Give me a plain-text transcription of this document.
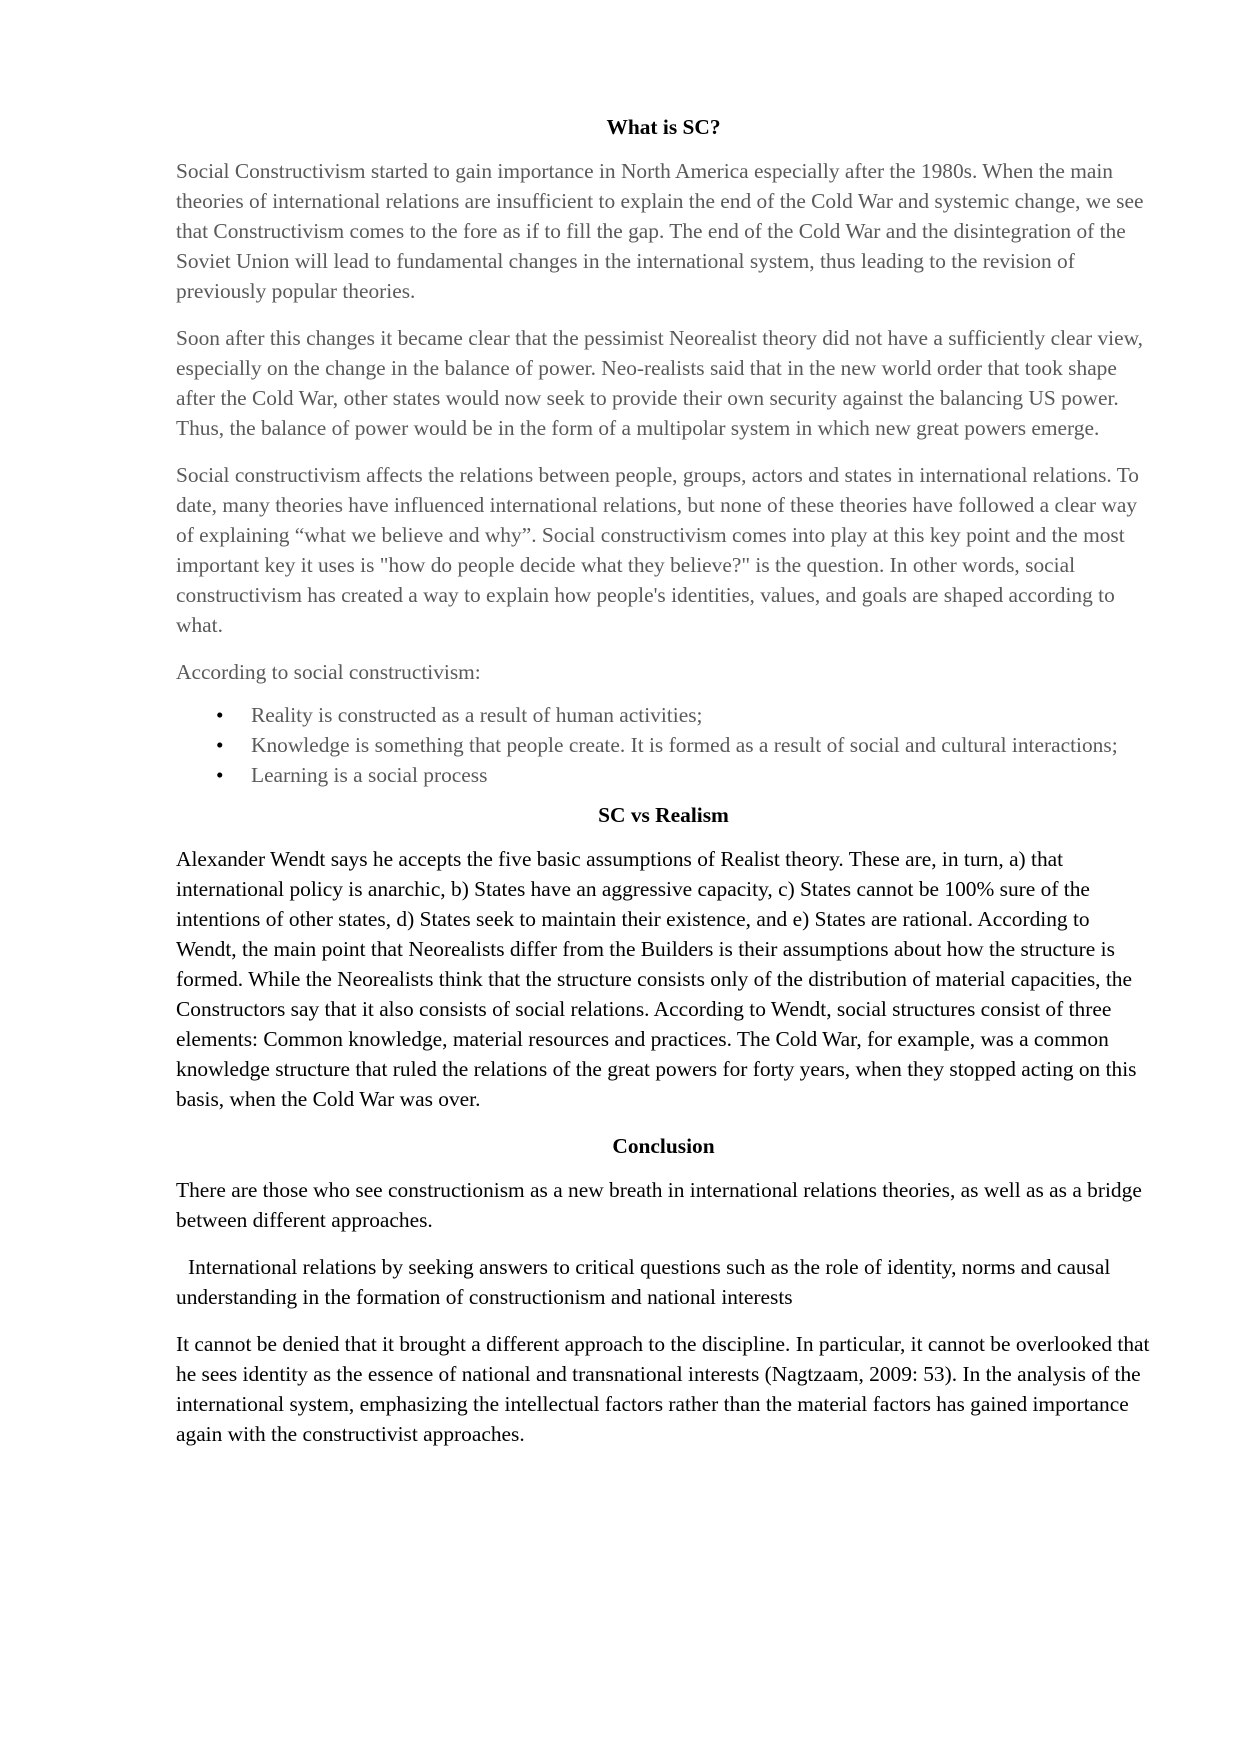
What is SC?

Social Constructivism started to gain importance in North America especially after the 1980s. When the main theories of international relations are insufficient to explain the end of the Cold War and systemic change, we see that Constructivism comes to the fore as if to fill the gap. The end of the Cold War and the disintegration of the Soviet Union will lead to fundamental changes in the international system, thus leading to the revision of previously popular theories.

Soon after this changes it became clear that the pessimist Neorealist theory did not have a sufficiently clear view, especially on the change in the balance of power. Neo-realists said that in the new world order that took shape after the Cold War, other states would now seek to provide their own security against the balancing US power. Thus, the balance of power would be in the form of a multipolar system in which new great powers emerge.

Social constructivism affects the relations between people, groups, actors and states in international relations. To date, many theories have influenced international relations, but none of these theories have followed a clear way of explaining “what we believe and why”. Social constructivism comes into play at this key point and the most important key it uses is "how do people decide what they believe?" is the question. In other words, social constructivism has created a way to explain how people's identities, values, and goals are shaped according to what.

According to social constructivism:

• Reality is constructed as a result of human activities;
• Knowledge is something that people create. It is formed as a result of social and cultural interactions;
• Learning is a social process
SC vs Realism

Alexander Wendt says he accepts the five basic assumptions of Realist theory. These are, in turn, a) that international policy is anarchic, b) States have an aggressive capacity, c) States cannot be 100% sure of the intentions of other states, d) States seek to maintain their existence, and e) States are rational. According to Wendt, the main point that Neorealists differ from the Builders is their assumptions about how the structure is formed. While the Neorealists think that the structure consists only of the distribution of material capacities, the Constructors say that it also consists of social relations. According to Wendt, social structures consist of three elements: Common knowledge, material resources and practices. The Cold War, for example, was a common knowledge structure that ruled the relations of the great powers for forty years, when they stopped acting on this basis, when the Cold War was over.

Conclusion

There are those who see constructionism as a new breath in international relations theories, as well as as a bridge between different approaches.

International relations by seeking answers to critical questions such as the role of identity, norms and causal understanding in the formation of constructionism and national interests

It cannot be denied that it brought a different approach to the discipline. In particular, it cannot be overlooked that he sees identity as the essence of national and transnational interests (Nagtzaam, 2009: 53). In the analysis of the international system, emphasizing the intellectual factors rather than the material factors has gained importance again with the constructivist approaches.
